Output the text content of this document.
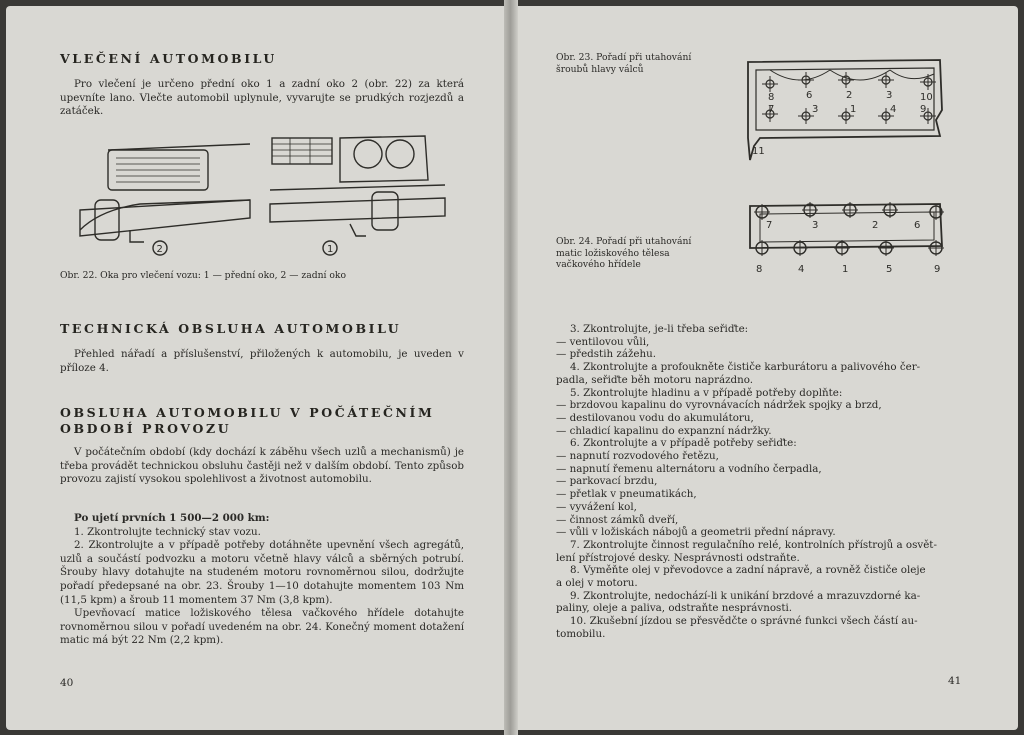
VLEČENÍ AUTOMOBILU

Pro vlečení je určeno přední oko 1 a zadní oko 2 (obr. 22) za která upevníte lano. Vlečte automobil uplynule, vyvarujte se prudkých rozjezdů a zatáček.

2	1
Obr. 22. Oka pro vlečení vozu: 1 — přední oko, 2 — zadní oko
TECHNICKÁ OBSLUHA AUTOMOBILU

Přehled nářadí a příslušenství, přiložených k automobilu, je uveden v příloze 4.

OBSLUHA AUTOMOBILU V POČÁTEČNÍM
OBDOBÍ PROVOZU

V počátečním období (kdy dochází k záběhu všech uzlů a mechanismů) je třeba provádět technickou obsluhu častěji než v dalším období. Tento způsob provozu zajistí vysokou spolehlivost a životnost automobilu.

Po ujetí prvních 1 500—2 000 km:

1. Zkontrolujte technický stav vozu.

2. Zkontrolujte a v případě potřeby dotáhněte upevnění všech agregátů, uzlů a součástí podvozku a motoru včetně hlavy válců a sběrných potrubí. Šrouby hlavy dotahujte na studeném motoru rovnoměrnou silou, dodržujte pořadí předepsané na obr. 23. Šrouby 1—10 dotahujte momentem 103 Nm (11,5 kpm) a šroub 11 momentem 37 Nm (3,8 kpm).

Upevňovací matice ložiskového tělesa vačkového hřídele dotahujte rovnoměrnou silou v pořadí uvedeném na obr. 24. Konečný moment dotažení matic má být 22 Nm (2,2 kpm).

40
Obr. 23. Pořadí při utahování
šroubů hlavy válců
8	6	2	3	10
7	3	1	4 9
11
Obr. 24. Pořadí při utahování
matic ložiskového tělesa
vačkového hřídele
7	3	2	6
8	4	1	5	9
3. Zkontrolujte, je-li třeba seřiďte:
— ventilovou vůli,
— předstih zážehu.
4. Zkontrolujte a profoukněte čističe karburátoru a palivového čer-
padla, seřiďte běh motoru naprázdno.
5. Zkontrolujte hladinu a v případě potřeby doplňte:
— brzdovou kapalinu do vyrovnávacích nádržek spojky a brzd,
— destilovanou vodu do akumulátoru,
— chladicí kapalinu do expanzní nádržky.
6. Zkontrolujte a v případě potřeby seřiďte:
— napnutí rozvodového řetězu,
— napnutí řemenu alternátoru a vodního čerpadla,
— parkovací brzdu,
— přetlak v pneumatikách,
— vyvážení kol,
— činnost zámků dveří,
— vůli v ložiskách nábojů a geometrii přední nápravy.
7. Zkontrolujte činnost regulačního relé, kontrolních přístrojů a osvět-
lení přístrojové desky. Nesprávnosti odstraňte.
8. Vyměňte olej v převodovce a zadní nápravě, a rovněž čističe oleje
a olej v motoru.
9. Zkontrolujte, nedochází-li k unikání brzdové a mrazuvzdorné ka-
paliny, oleje a paliva, odstraňte nesprávnosti.
10. Zkušební jízdou se přesvědčte o správné funkci všech částí au-
tomobilu.
41
